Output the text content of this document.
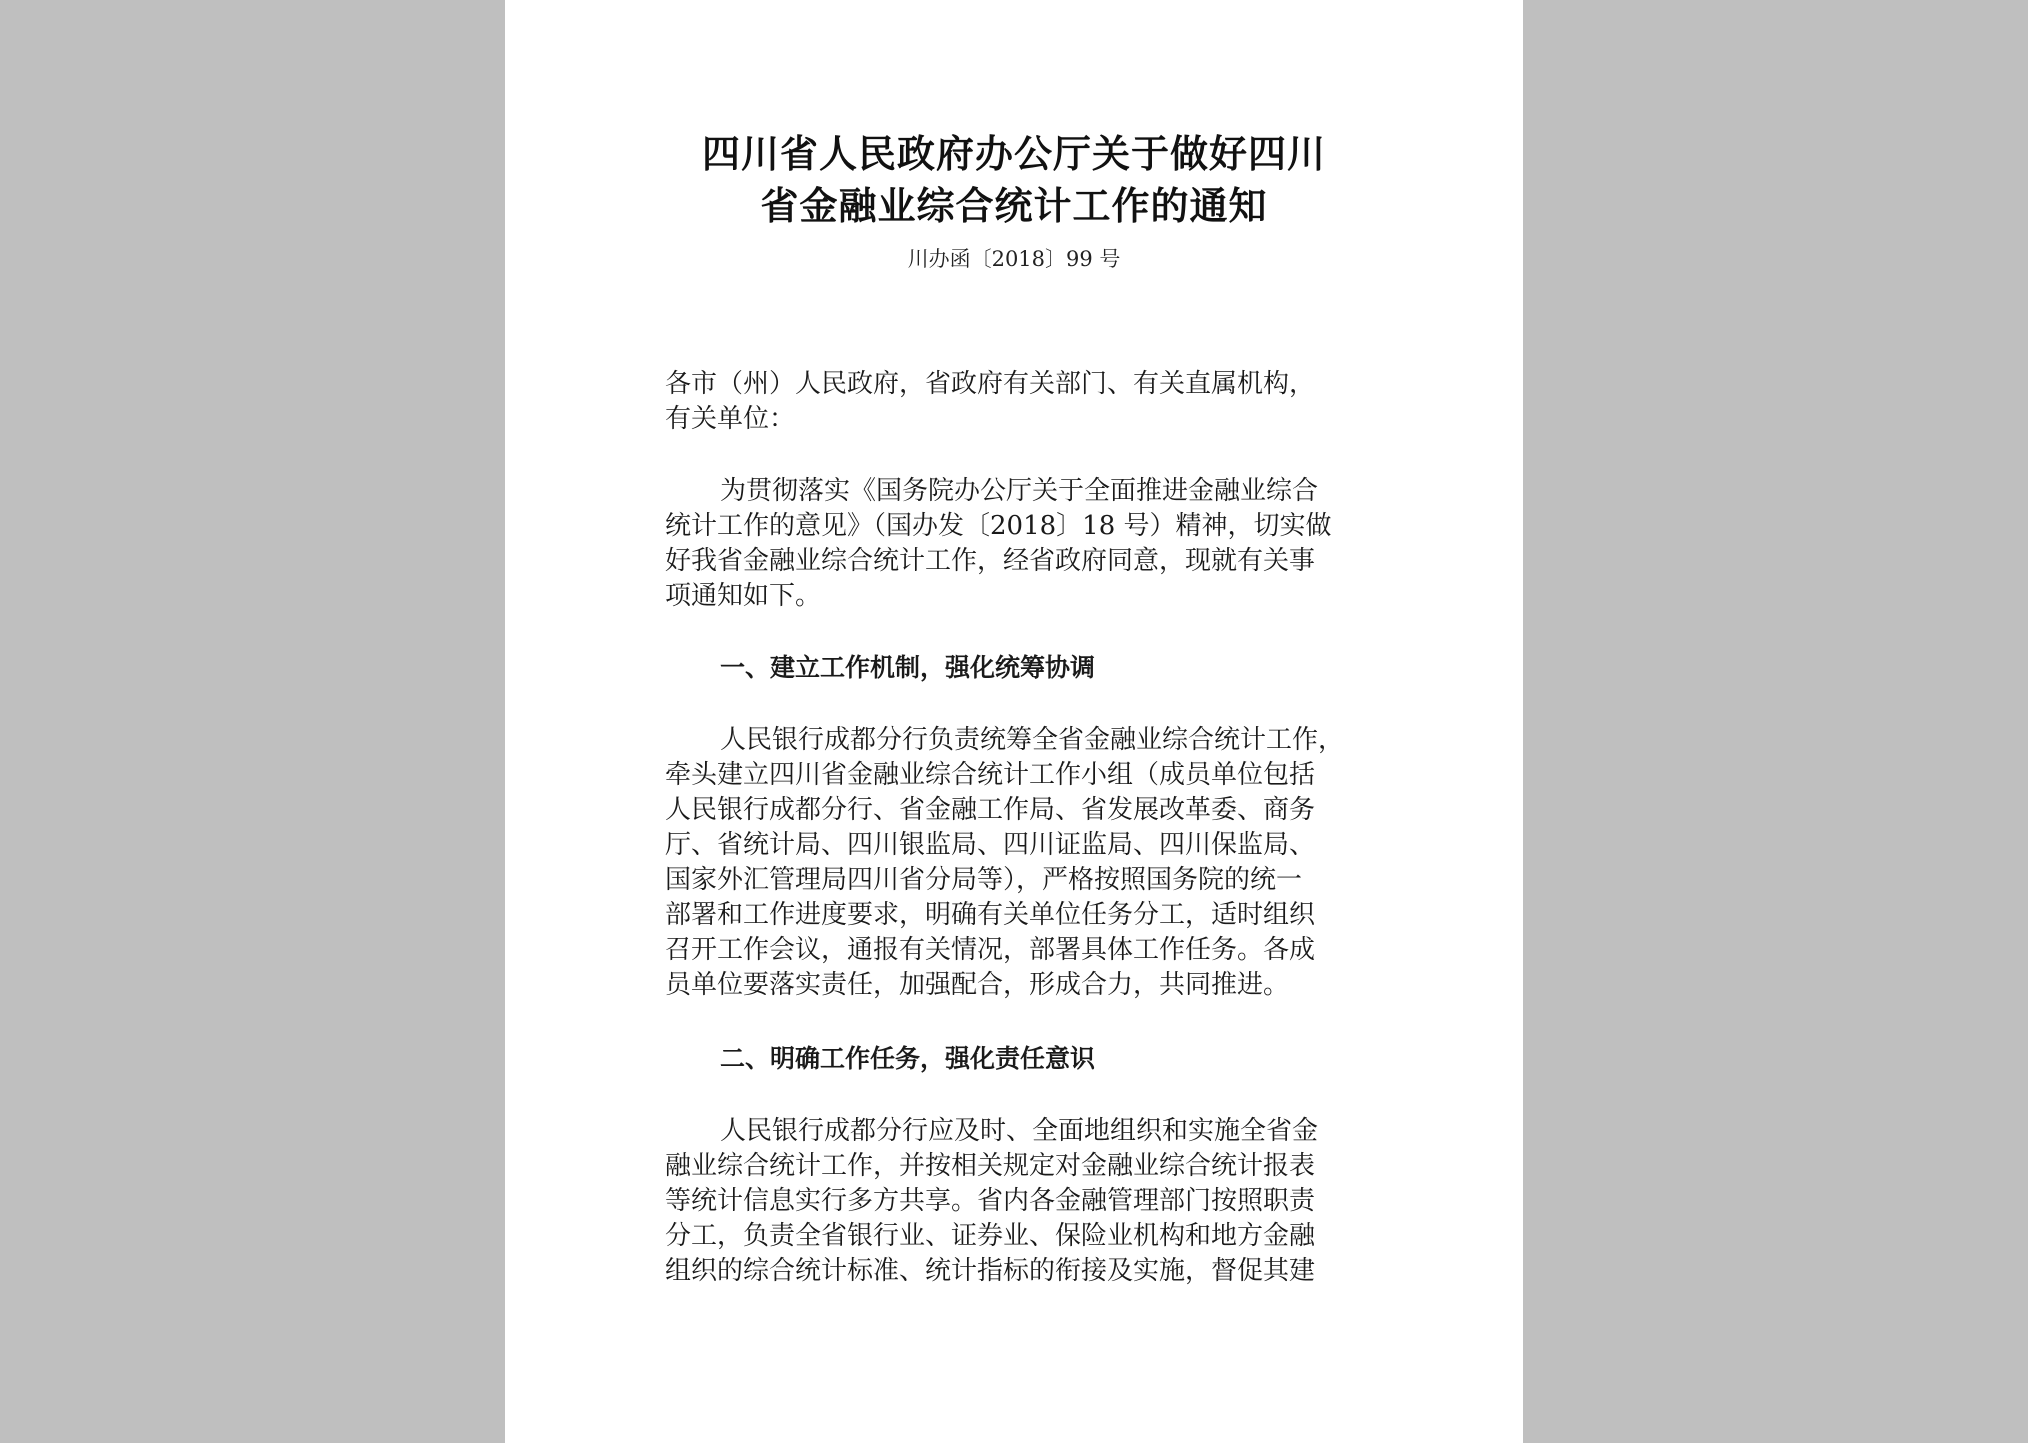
四川省人民政府办公厅关于做好四川
省金融业综合统计工作的通知
川办函〔2018〕99 号
各市（州）人民政府，省政府有关部门、有关直属机构，
有关单位：
为贯彻落实《国务院办公厅关于全面推进金融业综合
统计工作的意见》（国办发〔2018〕18 号）精神，切实做
好我省金融业综合统计工作，经省政府同意，现就有关事
项通知如下。
一、建立工作机制，强化统筹协调
人民银行成都分行负责统筹全省金融业综合统计工作，
牵头建立四川省金融业综合统计工作小组（成员单位包括
人民银行成都分行、省金融工作局、省发展改革委、商务
厅、省统计局、四川银监局、四川证监局、四川保监局、
国家外汇管理局四川省分局等），严格按照国务院的统一
部署和工作进度要求，明确有关单位任务分工，适时组织
召开工作会议，通报有关情况，部署具体工作任务。各成
员单位要落实责任，加强配合，形成合力，共同推进。
二、明确工作任务，强化责任意识
人民银行成都分行应及时、全面地组织和实施全省金
融业综合统计工作，并按相关规定对金融业综合统计报表
等统计信息实行多方共享。省内各金融管理部门按照职责
分工，负责全省银行业、证券业、保险业机构和地方金融
组织的综合统计标准、统计指标的衔接及实施，督促其建
